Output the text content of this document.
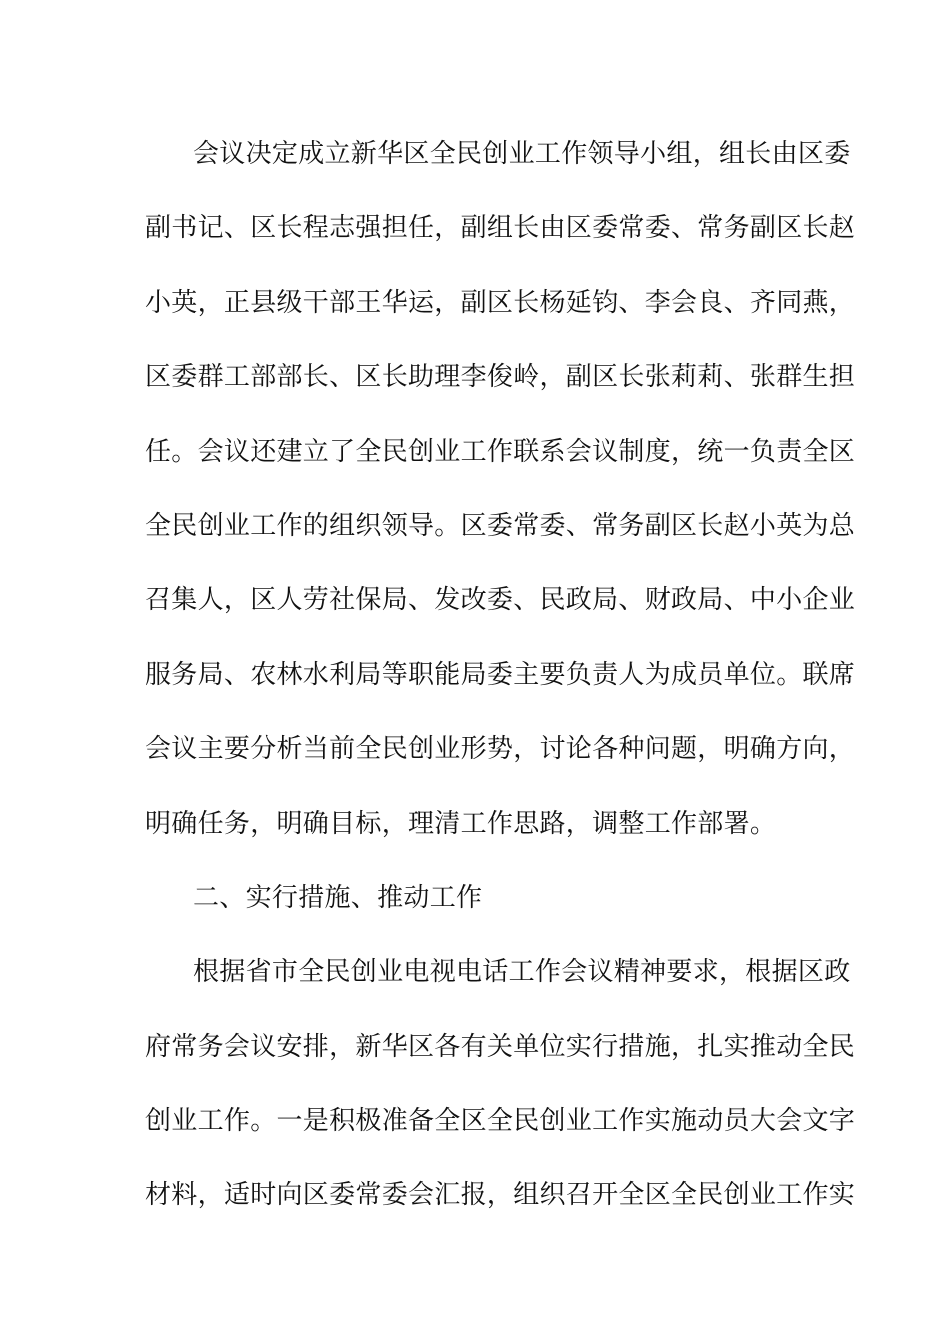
会议决定成立新华区全民创业工作领导小组，组长由区委
副书记、区长程志强担任，副组长由区委常委、常务副区长赵
小英，正县级干部王华运，副区长杨延钧、李会良、齐同燕，
区委群工部部长、区长助理李俊岭，副区长张莉莉、张群生担
任。会议还建立了全民创业工作联系会议制度，统一负责全区
全民创业工作的组织领导。区委常委、常务副区长赵小英为总
召集人，区人劳社保局、发改委、民政局、财政局、中小企业
服务局、农林水利局等职能局委主要负责人为成员单位。联席
会议主要分析当前全民创业形势，讨论各种问题，明确方向，
明确任务，明确目标，理清工作思路，调整工作部署。
二、实行措施、推动工作
根据省市全民创业电视电话工作会议精神要求，根据区政
府常务会议安排，新华区各有关单位实行措施，扎实推动全民
创业工作。一是积极准备全区全民创业工作实施动员大会文字
材料，适时向区委常委会汇报，组织召开全区全民创业工作实
